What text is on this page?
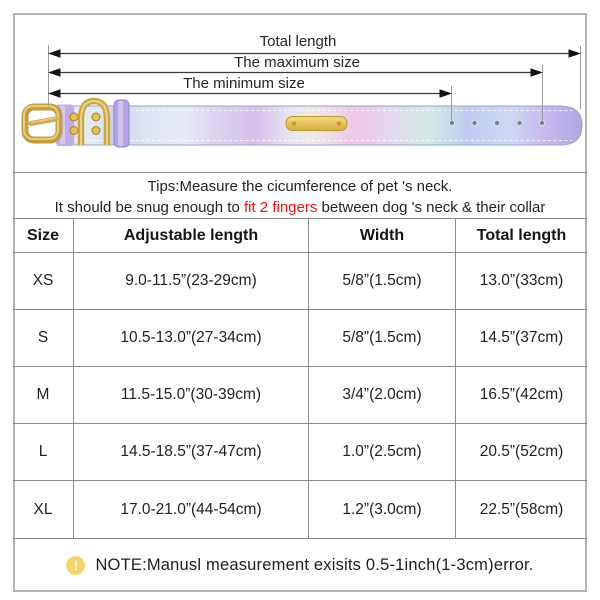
Total length
The maximum size
The minimum size
Tips:Measure the cicumference of pet 's neck.
It should be snug enough to fit 2 fingers between dog 's neck & their collar
Size	Adjustable length	Width	Total length
XS	9.0-11.5”(23-29cm)	5/8”(1.5cm)	13.0”(33cm)
S	10.5-13.0”(27-34cm)	5/8”(1.5cm)	14.5”(37cm)
M	11.5-15.0”(30-39cm)	3/4”(2.0cm)	16.5”(42cm)
L	14.5-18.5”(37-47cm)	1.0”(2.5cm)	20.5”(52cm)
XL	17.0-21.0”(44-54cm)	1.2”(3.0cm)	22.5”(58cm)
!	NOTE:Manusl measurement exisits 0.5-1inch(1-3cm)error.
